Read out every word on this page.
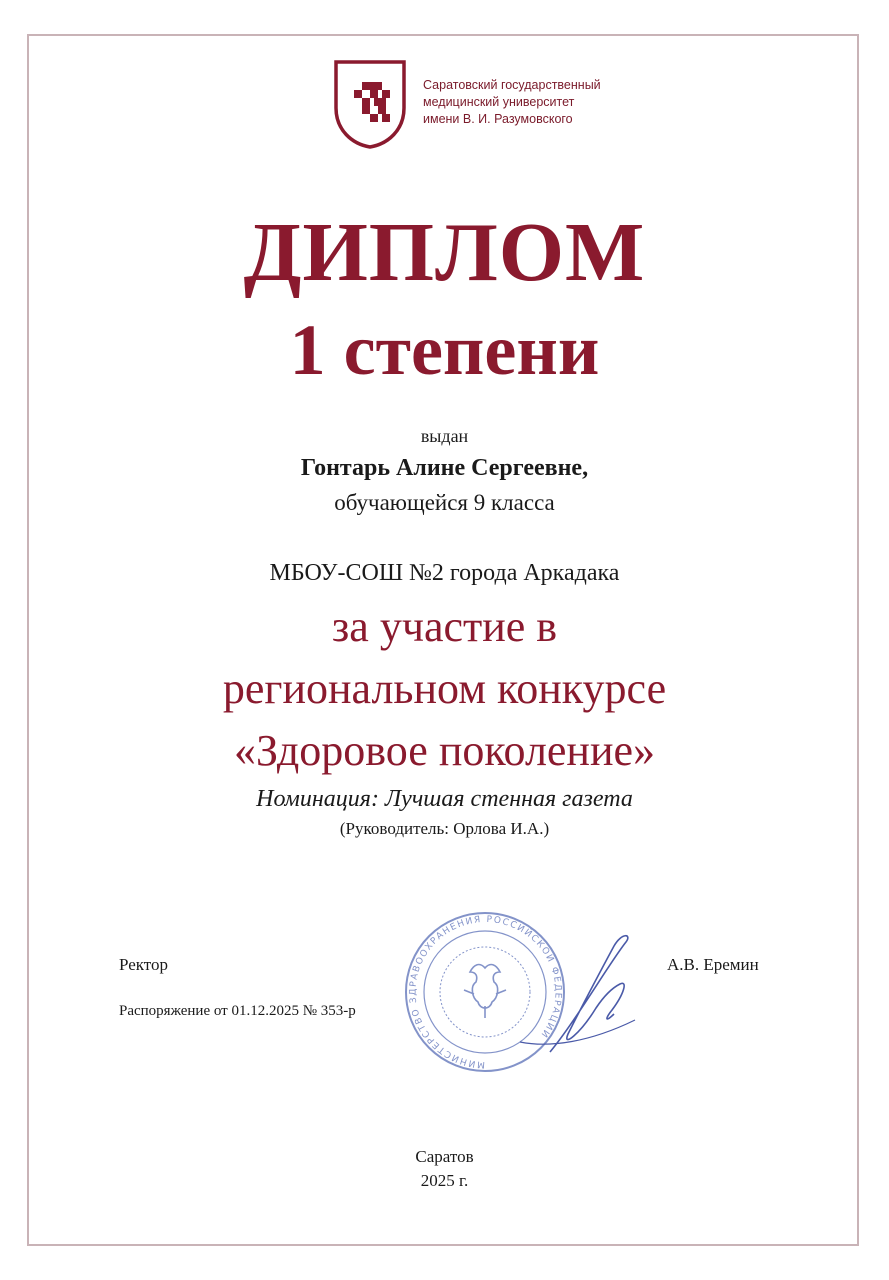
Саратовский государственный
медицинский университет
имени В. И. Разумовского
ДИПЛОМ
1 степени
выдан
Гонтарь Алине Сергеевне,
обучающейся 9 класса
МБОУ-СОШ №2 города Аркадака
за участие в
региональном конкурсе
«Здоровое поколение»
Номинация: Лучшая стенная газета
(Руководитель: Орлова И.А.)
МИНИСТЕРСТВО ЗДРАВООХРАНЕНИЯ РОССИЙСКОЙ ФЕДЕРАЦИИ
Ректор	А.В. Еремин
Распоряжение от 01.12.2025 № 353-р
Саратов
2025 г.
